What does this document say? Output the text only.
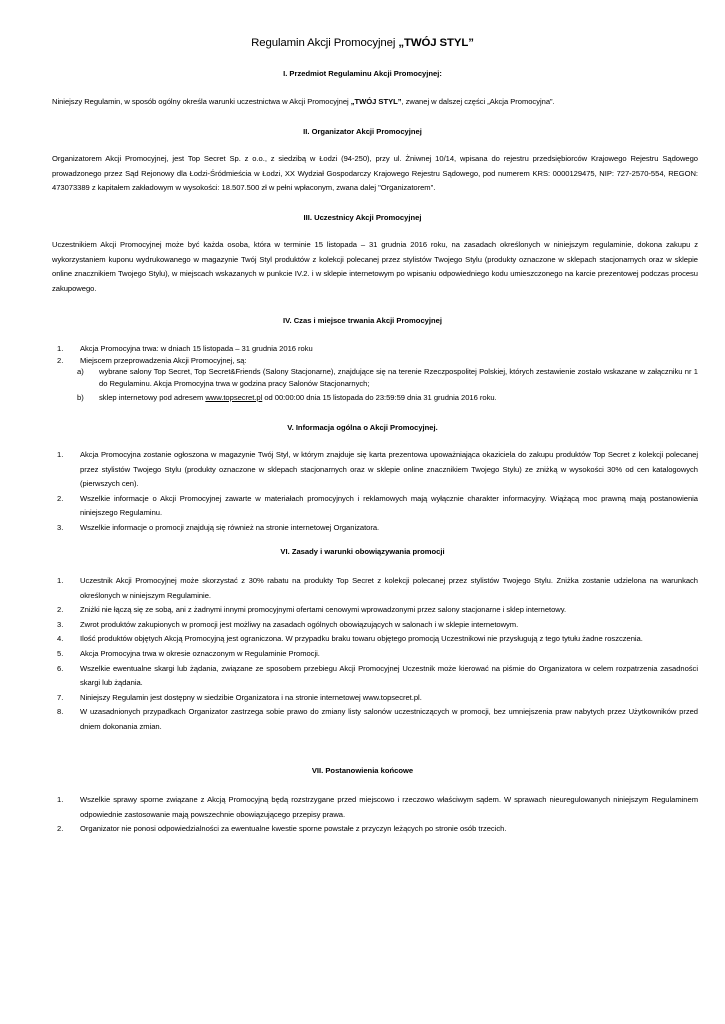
Regulamin Akcji Promocyjnej „TWÓJ STYL”
I. Przedmiot Regulaminu Akcji Promocyjnej:
Niniejszy Regulamin, w sposób ogólny określa warunki uczestnictwa w Akcji Promocyjnej „TWÓJ STYL”, zwanej w dalszej części „Akcja Promocyjna”.
II. Organizator Akcji Promocyjnej
Organizatorem Akcji Promocyjnej, jest Top Secret Sp. z o.o., z siedzibą w Łodzi (94-250), przy ul. Żniwnej 10/14, wpisana do rejestru przedsiębiorców Krajowego Rejestru Sądowego prowadzonego przez Sąd Rejonowy dla Łodzi-Śródmieścia w Łodzi, XX Wydział Gospodarczy Krajowego Rejestru Sądowego, pod numerem KRS: 0000129475, NIP: 727-2570-554, REGON: 473073389 z kapitałem zakładowym w wysokości: 18.507.500 zł w pełni wpłaconym, zwana dalej "Organizatorem".
III. Uczestnicy Akcji Promocyjnej
Uczestnikiem Akcji Promocyjnej może być każda osoba, która w terminie 15 listopada – 31 grudnia 2016 roku, na zasadach określonych w niniejszym regulaminie, dokona zakupu z wykorzystaniem kuponu wydrukowanego w magazynie Twój Styl produktów z kolekcji polecanej przez stylistów Twojego Stylu (produkty oznaczone w sklepach stacjonarnych oraz w sklepie online znacznikiem Twojego Stylu), w miejscach wskazanych w punkcie IV.2. i w sklepie internetowym po wpisaniu odpowiedniego kodu umieszczonego na karcie prezentowej podczas procesu zakupowego.
IV. Czas i miejsce trwania Akcji Promocyjnej
1. Akcja Promocyjna trwa: w dniach 15 listopada – 31 grudnia 2016 roku
2. Miejscem przeprowadzenia Akcji Promocyjnej, są:
a) wybrane salony Top Secret, Top Secret&Friends (Salony Stacjonarne), znajdujące się na terenie Rzeczpospolitej Polskiej, których zestawienie zostało wskazane w załączniku nr 1 do Regulaminu. Akcja Promocyjna trwa w godzina pracy Salonów Stacjonarnych;
b) sklep internetowy pod adresem www.topsecret.pl od 00:00:00 dnia 15 listopada do 23:59:59 dnia 31 grudnia 2016 roku.
V. Informacja ogólna o Akcji Promocyjnej.
1. Akcja Promocyjna zostanie ogłoszona w magazynie Twój Styl, w którym znajduje się karta prezentowa upoważniająca okaziciela do zakupu produktów Top Secret z kolekcji polecanej przez stylistów Twojego Stylu (produkty oznaczone w sklepach stacjonarnych oraz w sklepie online znacznikiem Twojego Stylu) ze zniżką w wysokości 30% od cen katalogowych (pierwszych cen).
2. Wszelkie informacje o Akcji Promocyjnej zawarte w materiałach promocyjnych i reklamowych mają wyłącznie charakter informacyjny. Wiążącą moc prawną mają postanowienia niniejszego Regulaminu.
3. Wszelkie informacje o promocji znajdują się również na stronie internetowej Organizatora.
VI. Zasady i warunki obowiązywania promocji
1. Uczestnik Akcji Promocyjnej może skorzystać z 30% rabatu na produkty Top Secret z kolekcji polecanej przez stylistów Twojego Stylu. Zniżka zostanie udzielona na warunkach określonych w niniejszym Regulaminie.
2. Zniżki nie łączą się ze sobą, ani z żadnymi innymi promocyjnymi ofertami cenowymi wprowadzonymi przez salony stacjonarne i sklep internetowy.
3. Zwrot produktów zakupionych w promocji jest możliwy na zasadach ogólnych obowiązujących w salonach i w sklepie internetowym.
4. Ilość produktów objętych Akcją Promocyjną jest ograniczona. W przypadku braku towaru objętego promocją Uczestnikowi nie przysługują z tego tytułu żadne roszczenia.
5. Akcja Promocyjna trwa w okresie oznaczonym w Regulaminie Promocji.
6. Wszelkie ewentualne skargi lub żądania, związane ze sposobem przebiegu Akcji Promocyjnej Uczestnik może kierować na piśmie do Organizatora w celem rozpatrzenia zasadności skargi lub żądania.
7. Niniejszy Regulamin jest dostępny w siedzibie Organizatora i na stronie internetowej www.topsecret.pl.
8. W uzasadnionych przypadkach Organizator zastrzega sobie prawo do zmiany listy salonów uczestniczących w promocji, bez umniejszenia praw nabytych przez Użytkowników przed dniem dokonania zmian.
VII. Postanowienia końcowe
1. Wszelkie sprawy sporne związane z Akcją Promocyjną będą rozstrzygane przed miejscowo i rzeczowo właściwym sądem. W sprawach nieuregulowanych niniejszym Regulaminem odpowiednie zastosowanie mają powszechnie obowiązującego przepisy prawa.
2. Organizator nie ponosi odpowiedzialności za ewentualne kwestie sporne powstałe z przyczyn leżących po stronie osób trzecich.
